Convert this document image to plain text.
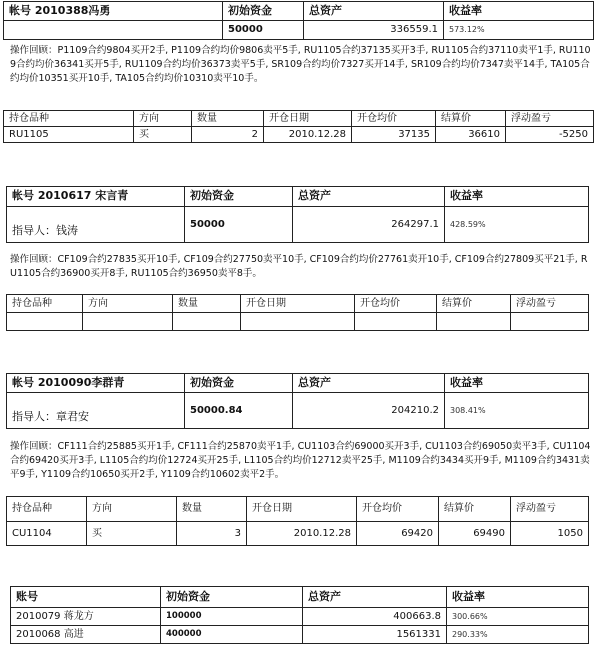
帐号 2010388冯勇	初始资金	总资产	收益率
	50000	336559.1	573.12%

操作回顾：P1109合约9804买开2手, P1109合约均价9806卖平5手, RU1105合约37135买开3手, RU1105合约37110卖平1手, RU1109合约均价36341买开5手, RU1109合约均价36373卖平5手, SR109合约均价7327买开14手, SR109合约均价7347卖平14手, TA105合约均价10351买开10手, TA105合约均价10310卖平10手。

持仓品种	方向	数量	开仓日期	开仓均价	结算价	浮动盈亏
RU1105	买	2	2010.12.28	37135	36610	-5250
帐号 2010617 宋言青	初始资金	总资产	收益率
指导人：钱涛	50000	264297.1	428.59%

操作回顾：CF109合约27835买开10手, CF109合约27750卖平10手, CF109合约均价27761卖开10手, CF109合约27809买平21手, RU1105合约36900买开8手, RU1105合约36950卖平8手。

持仓品种	方向	数量	开仓日期	开仓均价	结算价	浮动盈亏

帐号 2010090李群青	初始资金	总资产	收益率
指导人：章君安	50000.84	204210.2	308.41%

操作回顾：CF111合约25885买开1手, CF111合约25870卖平1手, CU1103合约69000买开3手, CU1103合约69050卖平3手, CU1104合约69420买开3手, L1105合约均价12724买开25手, L1105合约均价12712卖平25手, M1109合约3434买开9手, M1109合约3431卖平9手, Y1109合约10650买开2手, Y1109合约10602卖平2手。

持仓品种	方向	数量	开仓日期	开仓均价	结算价	浮动盈亏
CU1104	买	3	2010.12.28	69420	69490	1050
账号	初始资金	总资产	收益率
2010079 蒋龙方	100000	400663.8	300.66%
2010068 高进	400000	1561331	290.33%
